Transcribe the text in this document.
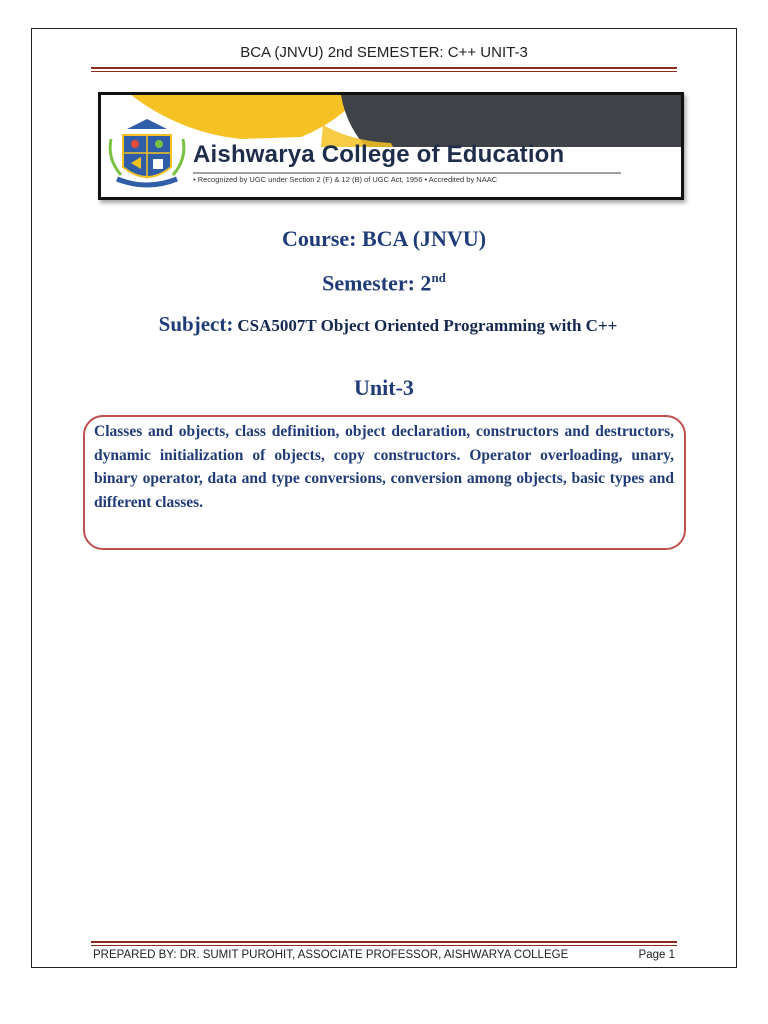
BCA (JNVU) 2nd SEMESTER: C++ UNIT-3
Aishwarya College of Education
• Recognized by UGC under Section 2 (F) & 12 (B) of UGC Act, 1956 • Accredited by NAAC
Course: BCA (JNVU)
Semester: 2nd
Subject: CSA5007T Object Oriented Programming with C++
Unit-3
Classes and objects, class definition, object declaration, constructors and destructors, dynamic initialization of objects, copy constructors. Operator overloading, unary, binary operator, data and type conversions, conversion among objects, basic types and different classes.
PREPARED BY: DR. SUMIT PUROHIT, ASSOCIATE PROFESSOR, AISHWARYA COLLEGE	Page 1
